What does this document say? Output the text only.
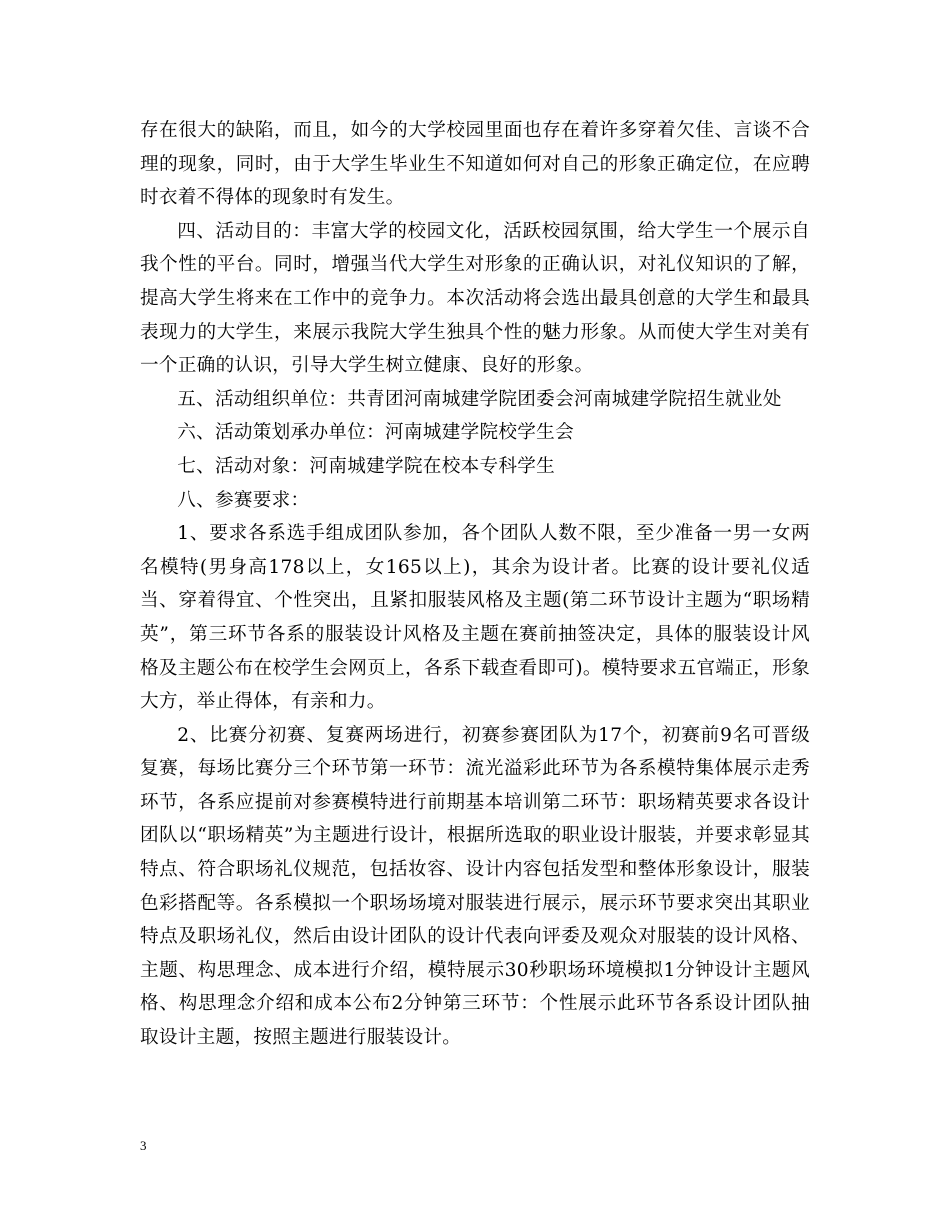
存在很大的缺陷，而且，如今的大学校园里面也存在着许多穿着欠佳、言谈不合理的现象，同时，由于大学生毕业生不知道如何对自己的形象正确定位，在应聘时衣着不得体的现象时有发生。

四、活动目的：丰富大学的校园文化，活跃校园氛围，给大学生一个展示自我个性的平台。同时，增强当代大学生对形象的正确认识，对礼仪知识的了解，提高大学生将来在工作中的竞争力。本次活动将会选出最具创意的大学生和最具表现力的大学生，来展示我院大学生独具个性的魅力形象。从而使大学生对美有一个正确的认识，引导大学生树立健康、良好的形象。

五、活动组织单位：共青团河南城建学院团委会河南城建学院招生就业处

六、活动策划承办单位：河南城建学院校学生会

七、活动对象：河南城建学院在校本专科学生

八、参赛要求：

1、要求各系选手组成团队参加，各个团队人数不限，至少准备一男一女两名模特(男身高178以上，女165以上)，其余为设计者。比赛的设计要礼仪适当、穿着得宜、个性突出，且紧扣服装风格及主题(第二环节设计主题为“职场精英”，第三环节各系的服装设计风格及主题在赛前抽签决定，具体的服装设计风格及主题公布在校学生会网页上，各系下载查看即可)。模特要求五官端正，形象大方，举止得体，有亲和力。

2、比赛分初赛、复赛两场进行，初赛参赛团队为17个，初赛前9名可晋级复赛，每场比赛分三个环节第一环节：流光溢彩此环节为各系模特集体展示走秀环节，各系应提前对参赛模特进行前期基本培训第二环节：职场精英要求各设计团队以“职场精英”为主题进行设计，根据所选取的职业设计服装，并要求彰显其特点、符合职场礼仪规范，包括妆容、设计内容包括发型和整体形象设计，服装色彩搭配等。各系模拟一个职场场境对服装进行展示，展示环节要求突出其职业特点及职场礼仪，然后由设计团队的设计代表向评委及观众对服装的设计风格、主题、构思理念、成本进行介绍，模特展示30秒职场环境模拟1分钟设计主题风格、构思理念介绍和成本公布2分钟第三环节：个性展示此环节各系设计团队抽取设计主题，按照主题进行服装设计。

3
